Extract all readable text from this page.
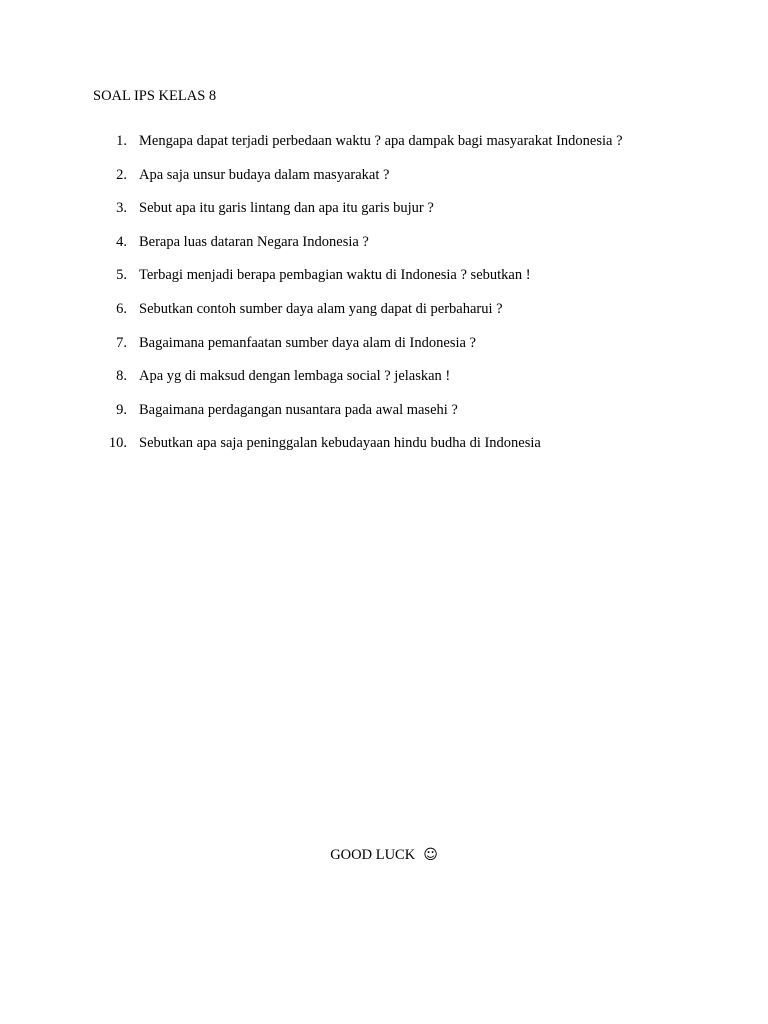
SOAL IPS KELAS 8
1. Mengapa dapat terjadi perbedaan waktu ? apa dampak bagi masyarakat Indonesia ?
2. Apa saja unsur budaya dalam masyarakat ?
3. Sebut apa itu garis lintang dan apa itu garis bujur ?
4. Berapa luas dataran Negara Indonesia ?
5. Terbagi menjadi berapa pembagian waktu di Indonesia ? sebutkan !
6. Sebutkan contoh sumber daya alam yang dapat di perbaharui ?
7. Bagaimana pemanfaatan sumber daya alam di Indonesia ?
8. Apa yg di maksud dengan lembaga social ? jelaskan !
9. Bagaimana perdagangan nusantara pada awal masehi ?
10. Sebutkan apa saja peninggalan kebudayaan hindu budha di Indonesia
GOOD LUCK ☺
